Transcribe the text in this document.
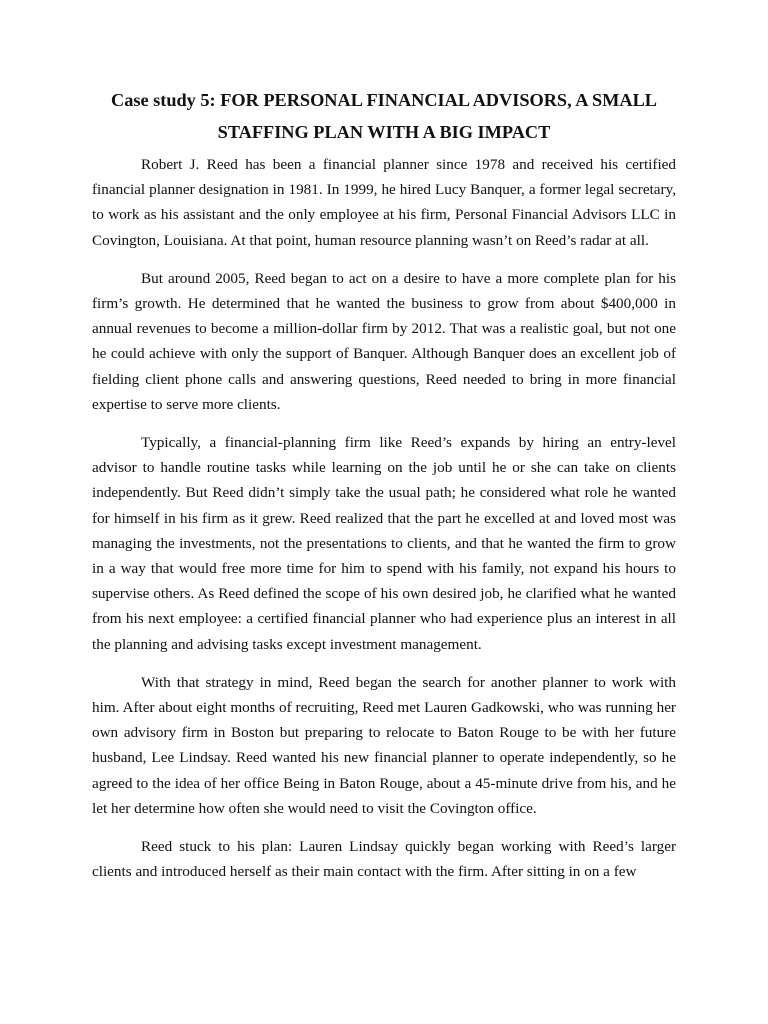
Case study 5: FOR PERSONAL FINANCIAL ADVISORS, A SMALL STAFFING PLAN WITH A BIG IMPACT

Robert J. Reed has been a financial planner since 1978 and received his certified financial planner designation in 1981. In 1999, he hired Lucy Banquer, a former legal secretary, to work as his assistant and the only employee at his firm, Personal Financial Advisors LLC in Covington, Louisiana. At that point, human resource planning wasn’t on Reed’s radar at all.

But around 2005, Reed began to act on a desire to have a more complete plan for his firm’s growth. He determined that he wanted the business to grow from about $400,000 in annual revenues to become a million-dollar firm by 2012. That was a realistic goal, but not one he could achieve with only the support of Banquer. Although Banquer does an excellent job of fielding client phone calls and answering questions, Reed needed to bring in more financial expertise to serve more clients.

Typically, a financial-planning firm like Reed’s expands by hiring an entry-level advisor to handle routine tasks while learning on the job until he or she can take on clients independently. But Reed didn’t simply take the usual path; he considered what role he wanted for himself in his firm as it grew. Reed realized that the part he excelled at and loved most was managing the investments, not the presentations to clients, and that he wanted the firm to grow in a way that would free more time for him to spend with his family, not expand his hours to supervise others. As Reed defined the scope of his own desired job, he clarified what he wanted from his next employee: a certified financial planner who had experience plus an interest in all the planning and advising tasks except investment management.

With that strategy in mind, Reed began the search for another planner to work with him. After about eight months of recruiting, Reed met Lauren Gadkowski, who was running her own advisory firm in Boston but preparing to relocate to Baton Rouge to be with her future husband, Lee Lindsay. Reed wanted his new financial planner to operate independently, so he agreed to the idea of her office Being in Baton Rouge, about a 45-minute drive from his, and he let her determine how often she would need to visit the Covington office.

Reed stuck to his plan: Lauren Lindsay quickly began working with Reed’s larger clients and introduced herself as their main contact with the firm. After sitting in on a few
